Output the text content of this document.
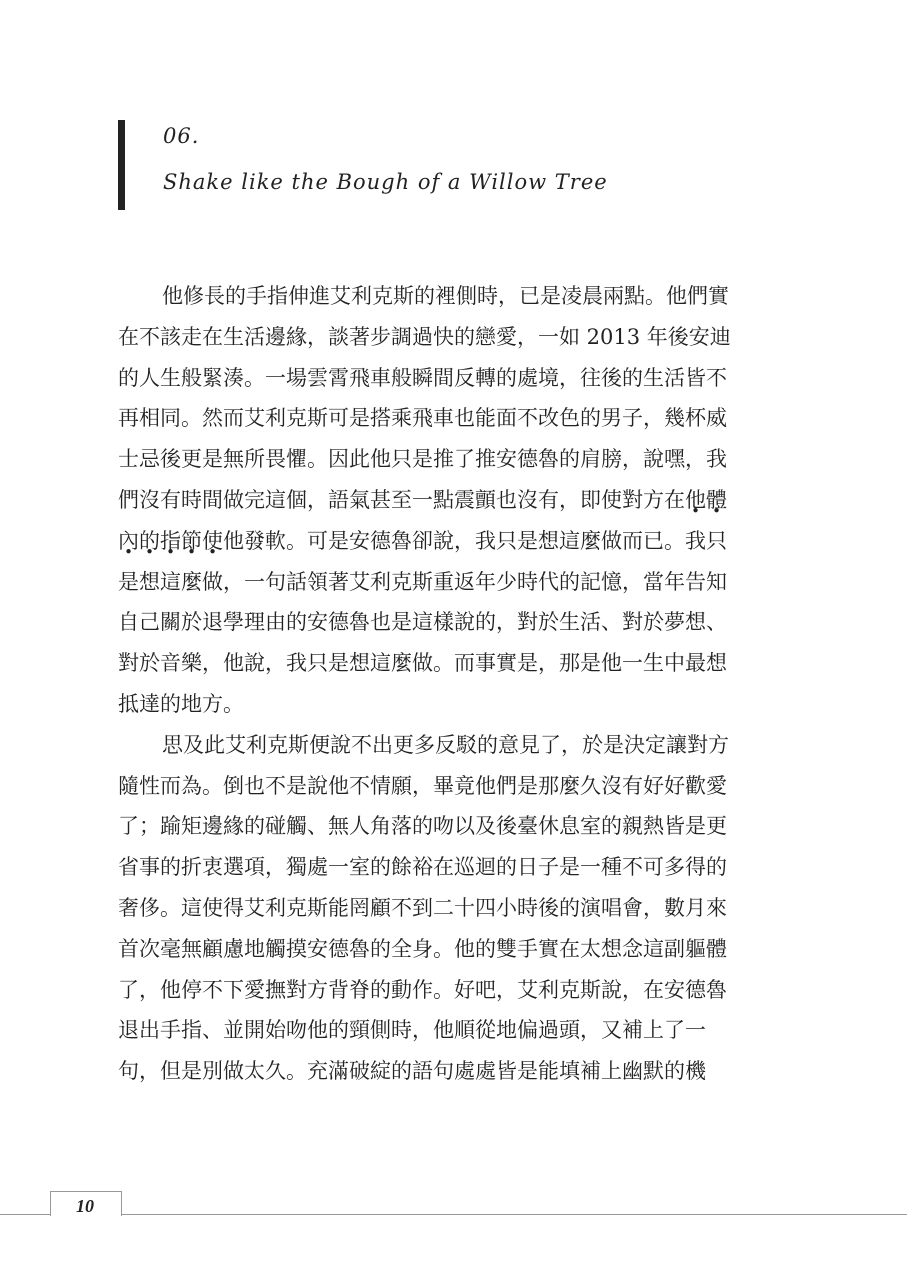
06.
Shake like the Bough of a Willow Tree
他修長的手指伸進艾利克斯的裡側時，已是凌晨兩點。他們實
在不該走在生活邊緣，談著步調過快的戀愛，一如 2013 年後安迪
的人生般緊湊。一場雲霄飛車般瞬間反轉的處境，往後的生活皆不
再相同。然而艾利克斯可是搭乘飛車也能面不改色的男子，幾杯威
士忌後更是無所畏懼。因此他只是推了推安德魯的肩膀，說嘿，我
們沒有時間做完這個，語氣甚至一點震顫也沒有，即使對方在他體
內的指節使他發軟。可是安德魯卻說，我只是想這麼做而已。我只
是想這麼做，一句話領著艾利克斯重返年少時代的記憶，當年告知
自己關於退學理由的安德魯也是這樣說的，對於生活、對於夢想、
對於音樂，他說，我只是想這麼做。而事實是，那是他一生中最想
抵達的地方。
思及此艾利克斯便說不出更多反駁的意見了，於是決定讓對方
隨性而為。倒也不是說他不情願，畢竟他們是那麼久沒有好好歡愛
了；踰矩邊緣的碰觸、無人角落的吻以及後臺休息室的親熱皆是更
省事的折衷選項，獨處一室的餘裕在巡迴的日子是一種不可多得的
奢侈。這使得艾利克斯能罔顧不到二十四小時後的演唱會，數月來
首次毫無顧慮地觸摸安德魯的全身。他的雙手實在太想念這副軀體
了，他停不下愛撫對方背脊的動作。好吧，艾利克斯說，在安德魯
退出手指、並開始吻他的頸側時，他順從地偏過頭，又補上了一
句，但是別做太久。充滿破綻的語句處處皆是能填補上幽默的機
10
